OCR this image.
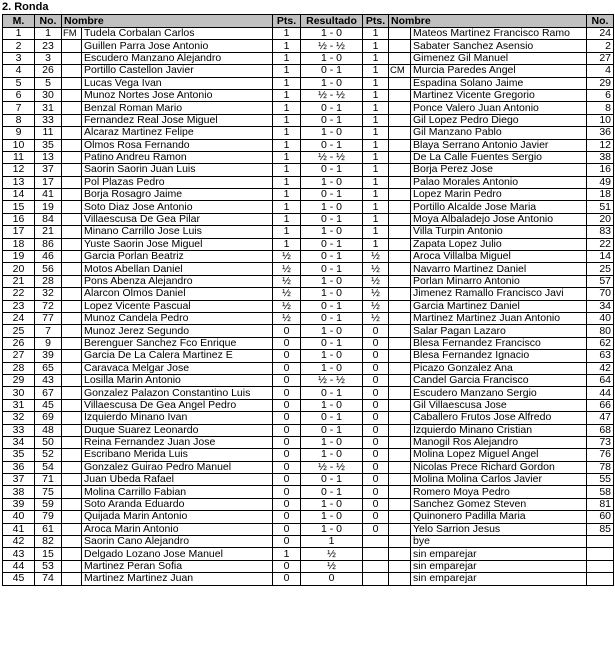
2. Ronda
M.	No.	Nombre		Pts.	Resultado	Pts.	Nombre		No.
1	1	FM	Tudela Corbalan Carlos	1	1 - 0	1		Mateos Martinez Francisco Ramo	24
2	23		Guillen Parra Jose Antonio	1	½ - ½	1		Sabater Sanchez Asensio	2
3	3		Escudero Manzano Alejandro	1	1 - 0	1		Gimenez Gil Manuel	27
4	26		Portillo Castellon Javier	1	0 - 1	1	CM	Murcia Paredes Angel	4
5	5		Lucas Vega Ivan	1	1 - 0	1		Espadina Solano Jaime	29
6	30		Munoz Nortes Jose Antonio	1	½ - ½	1		Martinez Vicente Gregorio	6
7	31		Benzal Roman Mario	1	0 - 1	1		Ponce Valero Juan Antonio	8
8	33		Fernandez Real Jose Miguel	1	0 - 1	1		Gil Lopez Pedro Diego	10
9	11		Alcaraz Martinez Felipe	1	1 - 0	1		Gil Manzano Pablo	36
10	35		Olmos Rosa Fernando	1	0 - 1	1		Blaya Serrano Antonio Javier	12
11	13		Patino Andreu Ramon	1	½ - ½	1		De La Calle Fuentes Sergio	38
12	37		Saorin Saorin Juan Luis	1	0 - 1	1		Borja Perez Jose	16
13	17		Pol Plazas Pedro	1	1 - 0	1		Palao Morales Antonio	49
14	41		Borja Rosagro Jaime	1	0 - 1	1		Lopez Marin Pedro	18
15	19		Soto Diaz Jose Antonio	1	1 - 0	1		Portillo Alcalde Jose Maria	51
16	84		Villaescusa De Gea Pilar	1	0 - 1	1		Moya Albaladejo Jose Antonio	20
17	21		Minano Carrillo Jose Luis	1	1 - 0	1		Villa Turpin Antonio	83
18	86		Yuste Saorin Jose Miguel	1	0 - 1	1		Zapata Lopez Julio	22
19	46		Garcia Porlan Beatriz	½	0 - 1	½		Aroca Villalba Miguel	14
20	56		Motos Abellan Daniel	½	0 - 1	½		Navarro Martinez Daniel	25
21	28		Pons Abenza Alejandro	½	1 - 0	½		Porlan Minarro Antonio	57
22	32		Alarcon Olmos Daniel	½	1 - 0	½		Jimenez Ramallo Francisco Javi	70
23	72		Lopez Vicente Pascual	½	0 - 1	½		Garcia Martinez Daniel	34
24	77		Munoz Candela Pedro	½	0 - 1	½		Martinez Martinez Juan Antonio	40
25	7		Munoz Jerez Segundo	0	1 - 0	0		Salar Pagan Lazaro	80
26	9		Berenguer Sanchez Fco Enrique	0	0 - 1	0		Blesa Fernandez Francisco	62
27	39		Garcia De La Calera Martinez E	0	1 - 0	0		Blesa Fernandez Ignacio	63
28	65		Caravaca Melgar Jose	0	1 - 0	0		Picazo Gonzalez Ana	42
29	43		Losilla Marin Antonio	0	½ - ½	0		Candel Garcia Francisco	64
30	67		Gonzalez Palazon Constantino Luis	0	0 - 1	0		Escudero Manzano Sergio	44
31	45		Villaescusa De Gea Angel Pedro	0	1 - 0	0		Gil Villaescusa Jose	66
32	69		Izquierdo Minano Ivan	0	0 - 1	0		Caballero Frutos Jose Alfredo	47
33	48		Duque Suarez Leonardo	0	0 - 1	0		Izquierdo Minano Cristian	68
34	50		Reina Fernandez Juan Jose	0	1 - 0	0		Manogil Ros Alejandro	73
35	52		Escribano Merida Luis	0	1 - 0	0		Molina Lopez Miguel Angel	76
36	54		Gonzalez Guirao Pedro Manuel	0	½ - ½	0		Nicolas Prece Richard Gordon	78
37	71		Juan Ubeda Rafael	0	0 - 1	0		Molina Molina Carlos Javier	55
38	75		Molina Carrillo Fabian	0	0 - 1	0		Romero Moya Pedro	58
39	59		Soto Aranda Eduardo	0	1 - 0	0		Sanchez Gomez Steven	81
40	79		Quijada Marin Antonio	0	1 - 0	0		Quinonero Padilla Maria	60
41	61		Aroca Marin Antonio	0	1 - 0	0		Yelo Sarrion Jesus	85
42	82		Saorin Cano Alejandro	0	1			bye	
43	15		Delgado Lozano Jose Manuel	1	½			sin emparejar	
44	53		Martinez Peran Sofia	0	½			sin emparejar	
45	74		Martinez Martinez Juan	0	0			sin emparejar	
